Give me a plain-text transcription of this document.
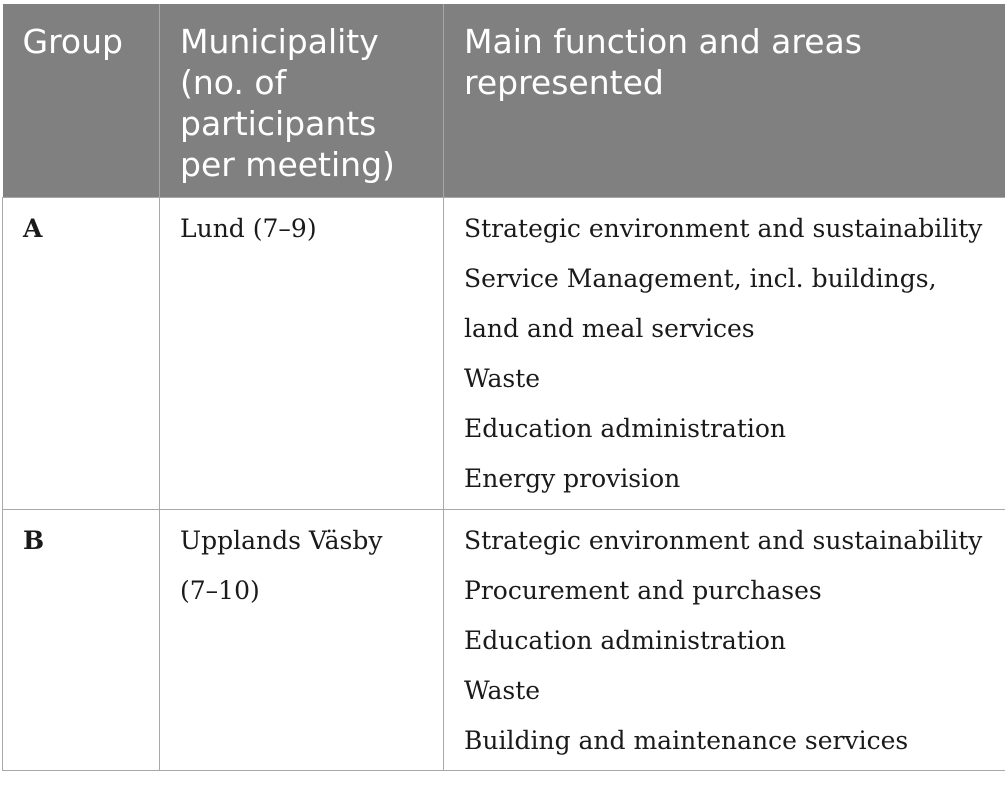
Group	Municipality (no. of participants per meeting)	Main function and areas represented
A	Lund (7–9)	Strategic environment and sustainability
Service Management, incl. buildings, land and meal services
Waste
Education administration
Energy provision

B	Upplands Väsby (7–10)	Strategic environment and sustainability
Procurement and purchases
Education administration
Waste
Building and maintenance services
